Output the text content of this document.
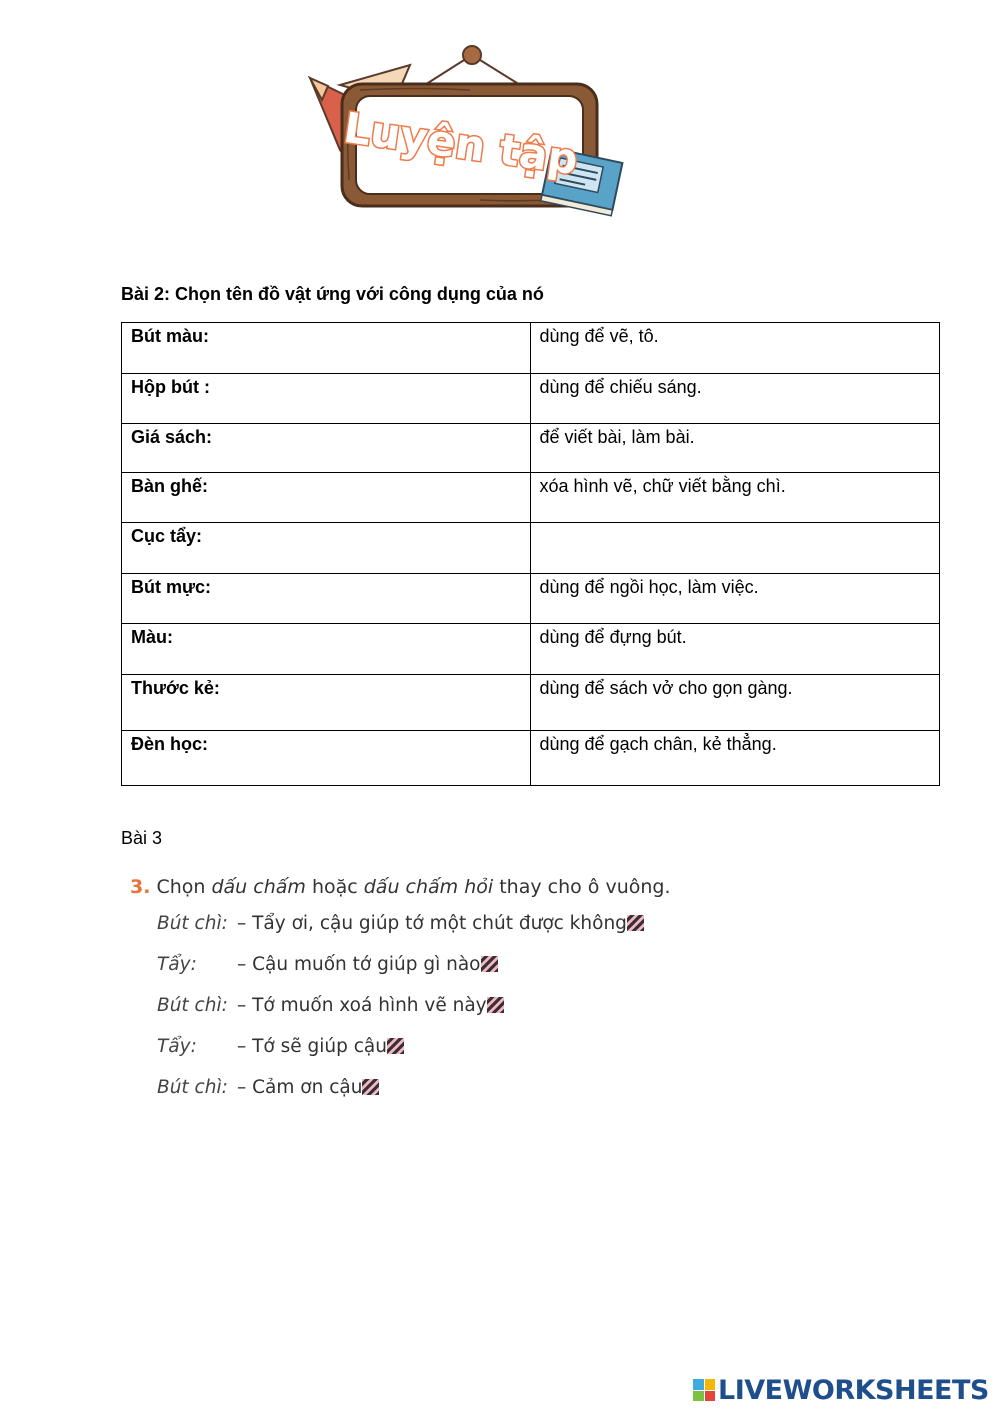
Luyện tập
Bài 2: Chọn tên đồ vật ứng với công dụng của nó
Bút màu:	dùng để vẽ, tô.
Hộp bút :	dùng để chiếu sáng.
Giá sách:	để viết bài, làm bài.
Bàn ghế:	xóa hình vẽ, chữ viết bằng chì.
Cục tẩy:	
Bút mực:	dùng để ngồi học, làm việc.
Màu:	dùng để đựng bút.
Thước kẻ:	dùng để sách vở cho gọn gàng.
Đèn học:	dùng để gạch chân, kẻ thẳng.
Bài 3
3. Chọn dấu chấm hoặc dấu chấm hỏi thay cho ô vuông.
Bút chì: – Tẩy ơi, cậu giúp tớ một chút được không
Tẩy: – Cậu muốn tớ giúp gì nào
Bút chì: – Tớ muốn xoá hình vẽ này
Tẩy: – Tớ sẽ giúp cậu
Bút chì: – Cảm ơn cậu
LIVEWORKSHEETS
